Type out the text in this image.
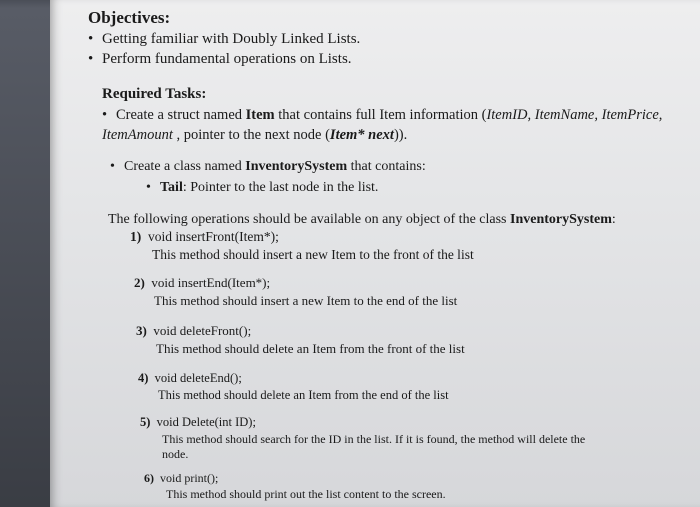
Objectives:
• Getting familiar with Doubly Linked Lists.
• Perform fundamental operations on Lists.
Required Tasks:
• Create a struct named Item that contains full Item information (ItemID, ItemName, ItemPrice,
ItemAmount , pointer to the next node (Item* next)).
• Create a class named InventorySystem that contains:
• Tail: Pointer to the last node in the list.
The following operations should be available on any object of the class InventorySystem:
1) void insertFront(Item*);
This method should insert a new Item to the front of the list
2) void insertEnd(Item*);
This method should insert a new Item to the end of the list
3) void deleteFront();
This method should delete an Item from the front of the list
4) void deleteEnd();
This method should delete an Item from the end of the list
5) void Delete(int ID);
This method should search for the ID in the list. If it is found, the method will delete the
node.
6) void print();
This method should print out the list content to the screen.
